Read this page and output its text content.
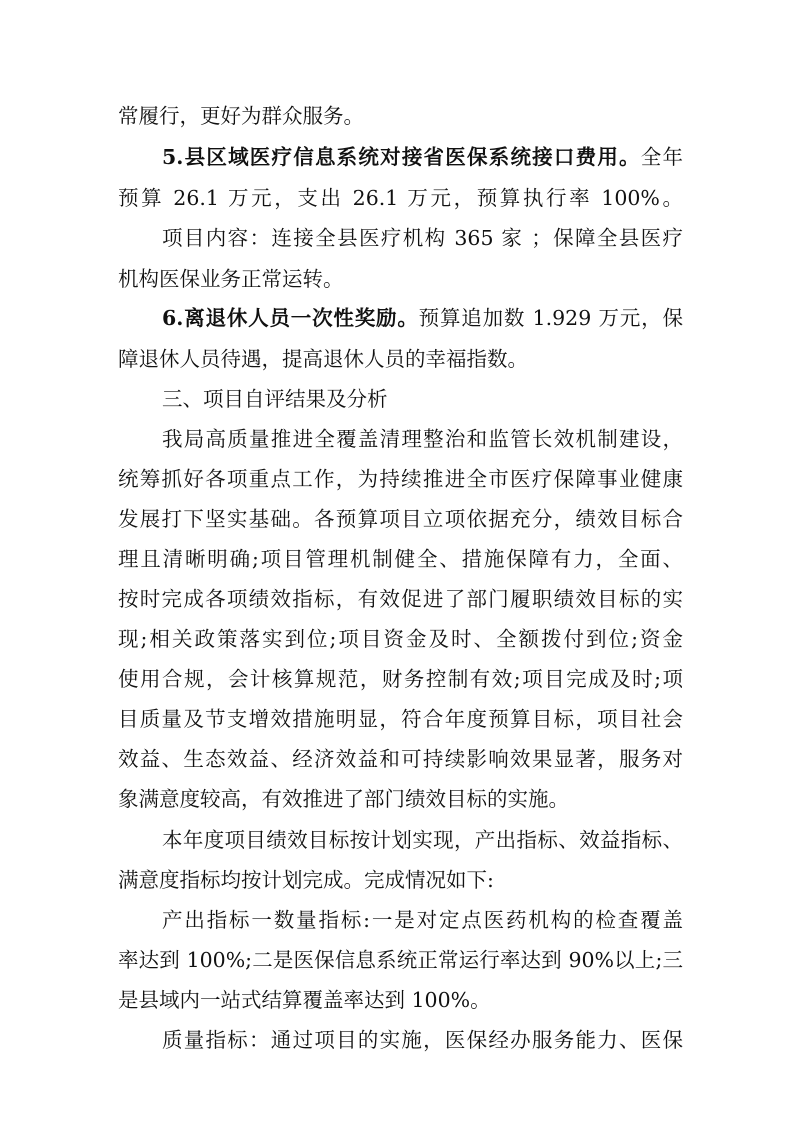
常履行，更好为群众服务。
5.县区域医疗信息系统对接省医保系统接口费用。全年
预算 26.1 万元，支出 26.1 万元，预算执行率 100%。
项目内容：连接全县医疗机构 365 家 ；保障全县医疗
机构医保业务正常运转。
6.离退休人员一次性奖励。预算追加数 1.929 万元，保
障退休人员待遇，提高退休人员的幸福指数。
三、项目自评结果及分析
我局高质量推进全覆盖清理整治和监管长效机制建设，
统筹抓好各项重点工作，为持续推进全市医疗保障事业健康
发展打下坚实基础。各预算项目立项依据充分，绩效目标合
理且清晰明确;项目管理机制健全、措施保障有力，全面、
按时完成各项绩效指标，有效促进了部门履职绩效目标的实
现;相关政策落实到位;项目资金及时、全额拨付到位;资金
使用合规，会计核算规范，财务控制有效;项目完成及时;项
目质量及节支增效措施明显，符合年度预算目标，项目社会
效益、生态效益、经济效益和可持续影响效果显著，服务对
象满意度较高，有效推进了部门绩效目标的实施。
本年度项目绩效目标按计划实现，产出指标、效益指标、
满意度指标均按计划完成。完成情况如下:
产出指标一数量指标:一是对定点医药机构的检查覆盖
率达到 100%;二是医保信息系统正常运行率达到 90%以上;三
是县域内一站式结算覆盖率达到 100%。
质量指标：通过项目的实施，医保经办服务能力、医保
